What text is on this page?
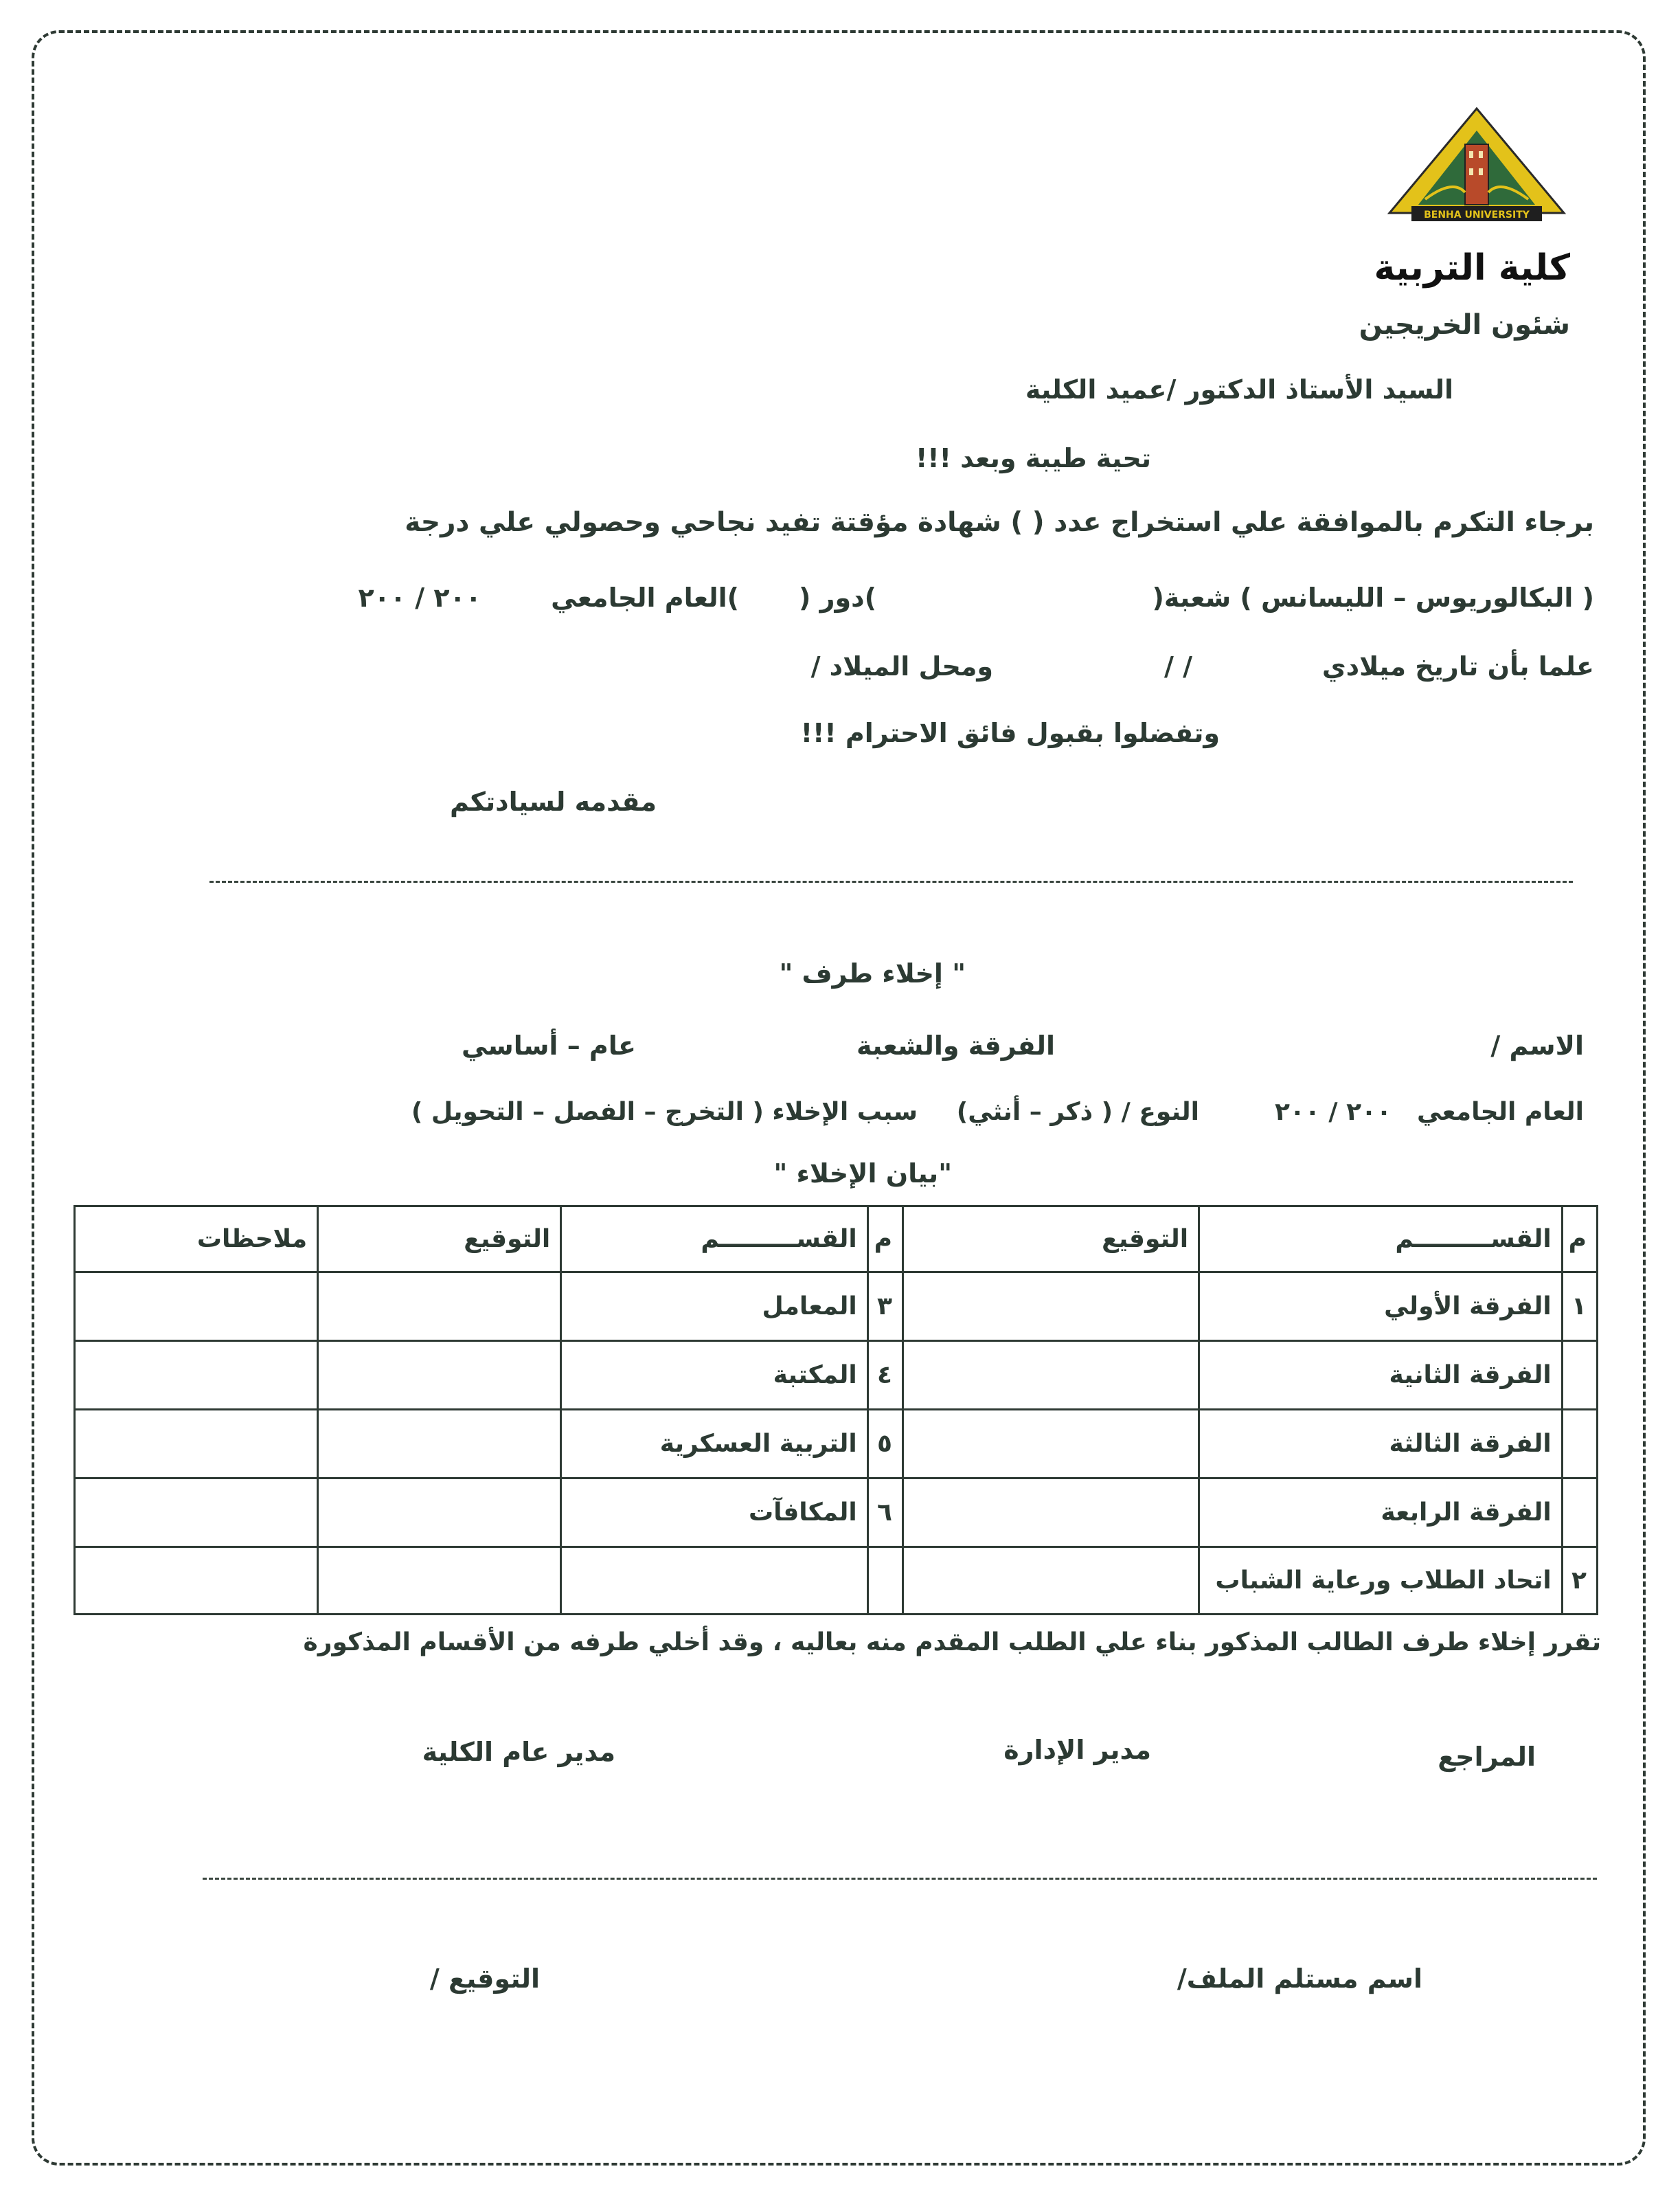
BENHA UNIVERSITY
كلية التربية
شئون الخريجين
السيد الأستاذ الدكتور /عميد الكلية
تحية طيبة وبعد !!!
برجاء التكرم بالموافقة علي استخراج عدد ( ) شهادة مؤقتة تفيد نجاحي وحصولي علي درجة
( البكالوريوس – الليسانس ) شعبة(
)دور (
)العام الجامعي
٢٠٠ / ٢٠٠
علما بأن تاريخ ميلادي
/ /
ومحل الميلاد /
وتفضلوا بقبول فائق الاحترام !!!
مقدمه لسيادتكم
" إخلاء طرف "
الاسم /
الفرقة والشعبة
عام – أساسي
العام الجامعي
٢٠٠ / ٢٠٠
النوع / ( ذكر – أنثي)
سبب الإخلاء ( التخرج – الفصل – التحويل )
"بيان الإخلاء "
م	القســـــــــم	التوقيع	م	القســـــــــم	التوقيع	ملاحظات
١	الفرقة الأولي		٣	المعامل		
	الفرقة الثانية		٤	المكتبة		
	الفرقة الثالثة		٥	التربية العسكرية		
	الفرقة الرابعة		٦	المكافآت		
٢	اتحاد الطلاب ورعاية الشباب					
تقرر إخلاء طرف الطالب المذكور بناء علي الطلب المقدم منه بعاليه ، وقد أخلي طرفه من الأقسام المذكورة
المراجع
مدير الإدارة
مدير عام الكلية
اسم مستلم الملف/
التوقيع /
